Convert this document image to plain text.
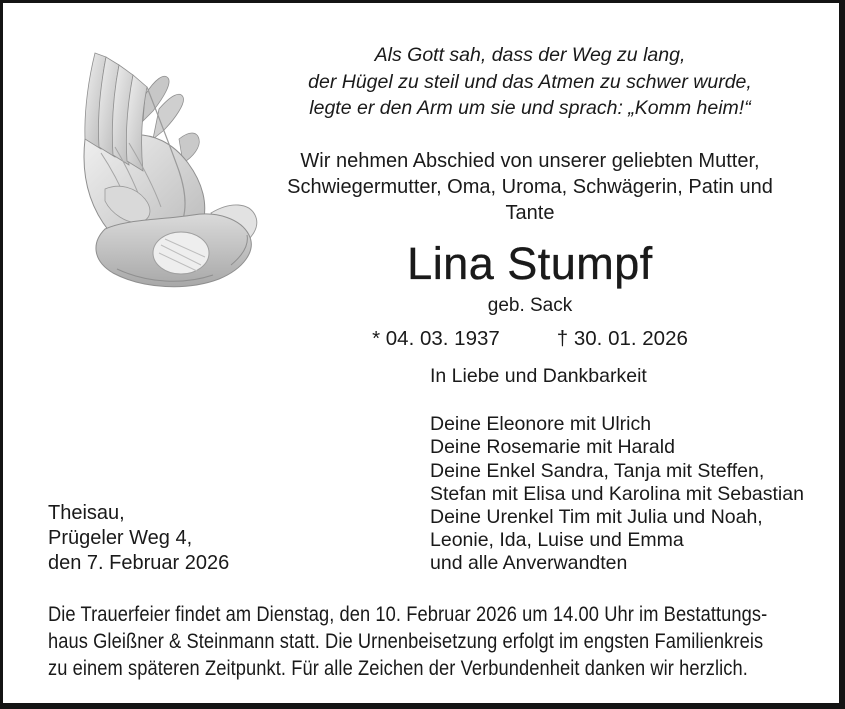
Als Gott sah, dass der Weg zu lang,
der Hügel zu steil und das Atmen zu schwer wurde,
legte er den Arm um sie und sprach: „Komm heim!“
Wir nehmen Abschied von unserer geliebten Mutter,
Schwiegermutter, Oma, Uroma, Schwägerin, Patin und Tante
Lina Stumpf
geb. Sack
* 04. 03. 1937	† 30. 01. 2026
In Liebe und Dankbarkeit
Deine Eleonore mit Ulrich
Deine Rosemarie mit Harald
Deine Enkel Sandra, Tanja mit Steffen,
Stefan mit Elisa und Karolina mit Sebastian
Deine Urenkel Tim mit Julia und Noah,
Leonie, Ida, Luise und Emma
und alle Anverwandten
Theisau,
Prügeler Weg 4,
den 7. Februar 2026
Die Trauerfeier findet am Dienstag, den 10. Februar 2026 um 14.00 Uhr im Bestattungs-
haus Gleißner & Steinmann statt. Die Urnenbeisetzung erfolgt im engsten Familienkreis
zu einem späteren Zeitpunkt. Für alle Zeichen der Verbundenheit danken wir herzlich.
